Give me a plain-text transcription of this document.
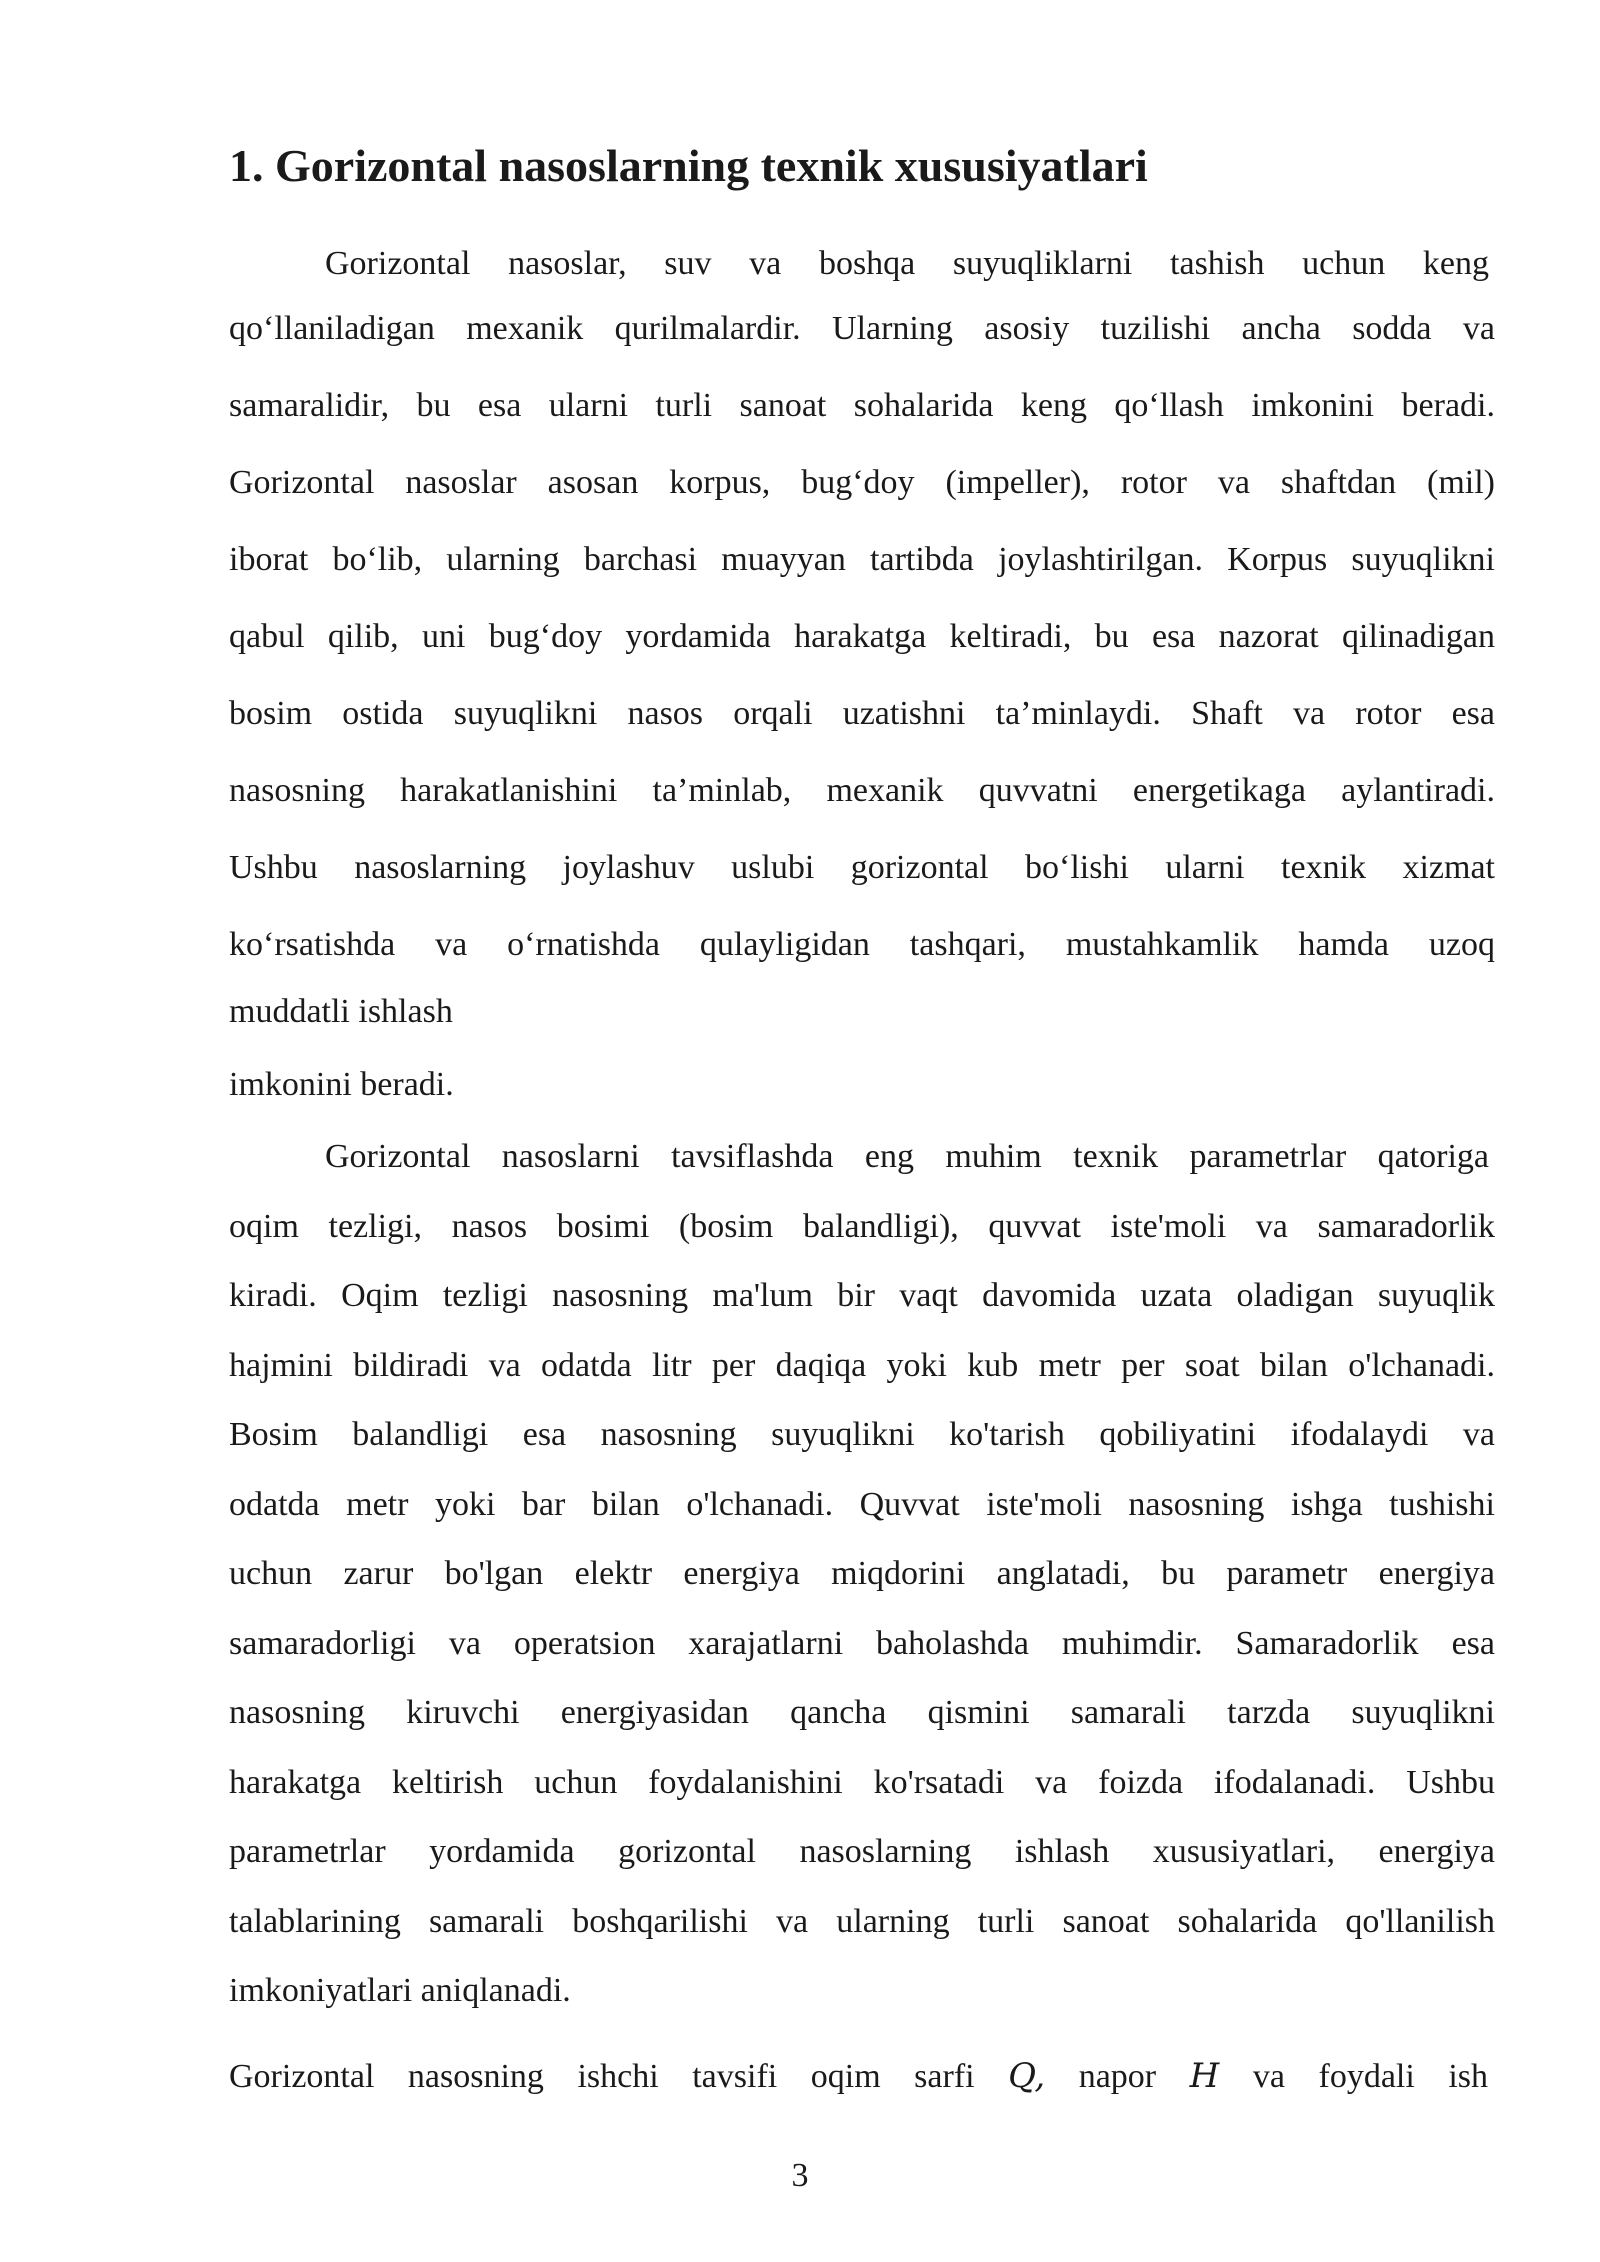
1. Gorizontal nasoslarning texnik xususiyatlari
Gorizontal nasoslar, suv va boshqa suyuqliklarni tashish uchun keng
qo‘llaniladigan mexanik qurilmalardir. Ularning asosiy tuzilishi ancha sodda va
samaralidir, bu esa ularni turli sanoat sohalarida keng qo‘llash imkonini beradi.
Gorizontal nasoslar asosan korpus, bug‘doy (impeller), rotor va shaftdan (mil)
iborat bo‘lib, ularning barchasi muayyan tartibda joylashtirilgan. Korpus suyuqlikni
qabul qilib, uni bug‘doy yordamida harakatga keltiradi, bu esa nazorat qilinadigan
bosim ostida suyuqlikni nasos orqali uzatishni ta’minlaydi. Shaft va rotor esa
nasosning harakatlanishini ta’minlab, mexanik quvvatni energetikaga aylantiradi.
Ushbu nasoslarning joylashuv uslubi gorizontal bo‘lishi ularni texnik xizmat
ko‘rsatishda va o‘rnatishda qulayligidan tashqari, mustahkamlik hamda uzoq
muddatli ishlash
imkonini beradi.
Gorizontal nasoslarni tavsiflashda eng muhim texnik parametrlar qatoriga
oqim tezligi, nasos bosimi (bosim balandligi), quvvat iste'moli va samaradorlik
kiradi. Oqim tezligi nasosning ma'lum bir vaqt davomida uzata oladigan suyuqlik
hajmini bildiradi va odatda litr per daqiqa yoki kub metr per soat bilan o'lchanadi.
Bosim balandligi esa nasosning suyuqlikni ko'tarish qobiliyatini ifodalaydi va
odatda metr yoki bar bilan o'lchanadi. Quvvat iste'moli nasosning ishga tushishi
uchun zarur bo'lgan elektr energiya miqdorini anglatadi, bu parametr energiya
samaradorligi va operatsion xarajatlarni baholashda muhimdir. Samaradorlik esa
nasosning kiruvchi energiyasidan qancha qismini samarali tarzda suyuqlikni
harakatga keltirish uchun foydalanishini ko'rsatadi va foizda ifodalanadi. Ushbu
parametrlar yordamida gorizontal nasoslarning ishlash xususiyatlari, energiya
talablarining samarali boshqarilishi va ularning turli sanoat sohalarida qo'llanilish
imkoniyatlari aniqlanadi.
Gorizontal nasosning ishchi tavsifi oqim sarfi Q, napor H va foydali ish
3
